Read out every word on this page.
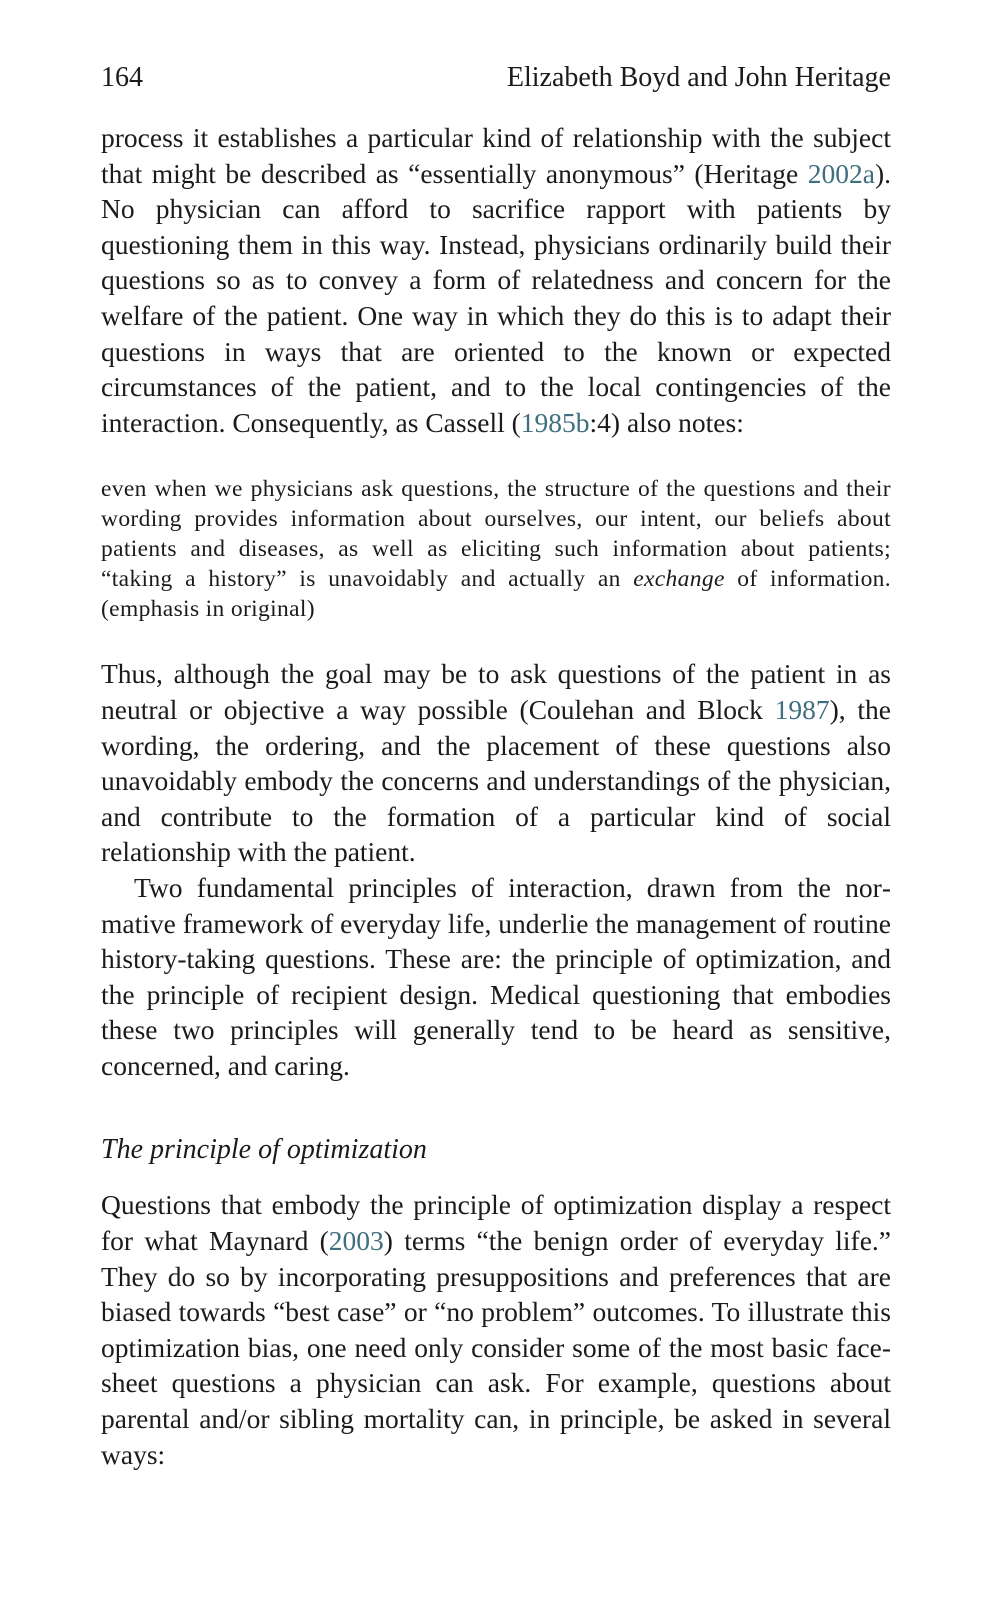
164	Elizabeth Boyd and John Heritage

process it establishes a particular kind of relationship with the subject that might be described as “essentially anonymous” (Heritage 2002a). No physician can afford to sacrifice rapport with patients by questioning them in this way. Instead, physicians ordinarily build their questions so as to convey a form of relatedness and concern for the welfare of the patient. One way in which they do this is to adapt their questions in ways that are oriented to the known or expected circumstances of the patient, and to the local contingencies of the interaction. Consequently, as Cassell (1985b:4) also notes:

even when we physicians ask questions, the structure of the questions and their wording provides information about ourselves, our intent, our beliefs about patients and diseases, as well as eliciting such information about patients; “taking a history” is unavoidably and actually an exchange of information. (emphasis in original)

Thus, although the goal may be to ask questions of the patient in as neutral or objective a way possible (Coulehan and Block 1987), the wording, the ordering, and the placement of these questions also unavoidably embody the concerns and understandings of the physician, and contribute to the formation of a particular kind of social relationship with the patient.

Two fundamental principles of interaction, drawn from the normative framework of everyday life, underlie the management of routine history-taking questions. These are: the principle of optimization, and the principle of recipient design. Medical questioning that embodies these two principles will generally tend to be heard as sensitive, concerned, and caring.

The principle of optimization

Questions that embody the principle of optimization display a respect for what Maynard (2003) terms “the benign order of everyday life.” They do so by incorporating presuppositions and preferences that are biased towards “best case” or “no problem” outcomes. To illustrate this optimization bias, one need only consider some of the most basic face-sheet questions a physician can ask. For example, questions about parental and/or sibling mortality can, in principle, be asked in several ways:
